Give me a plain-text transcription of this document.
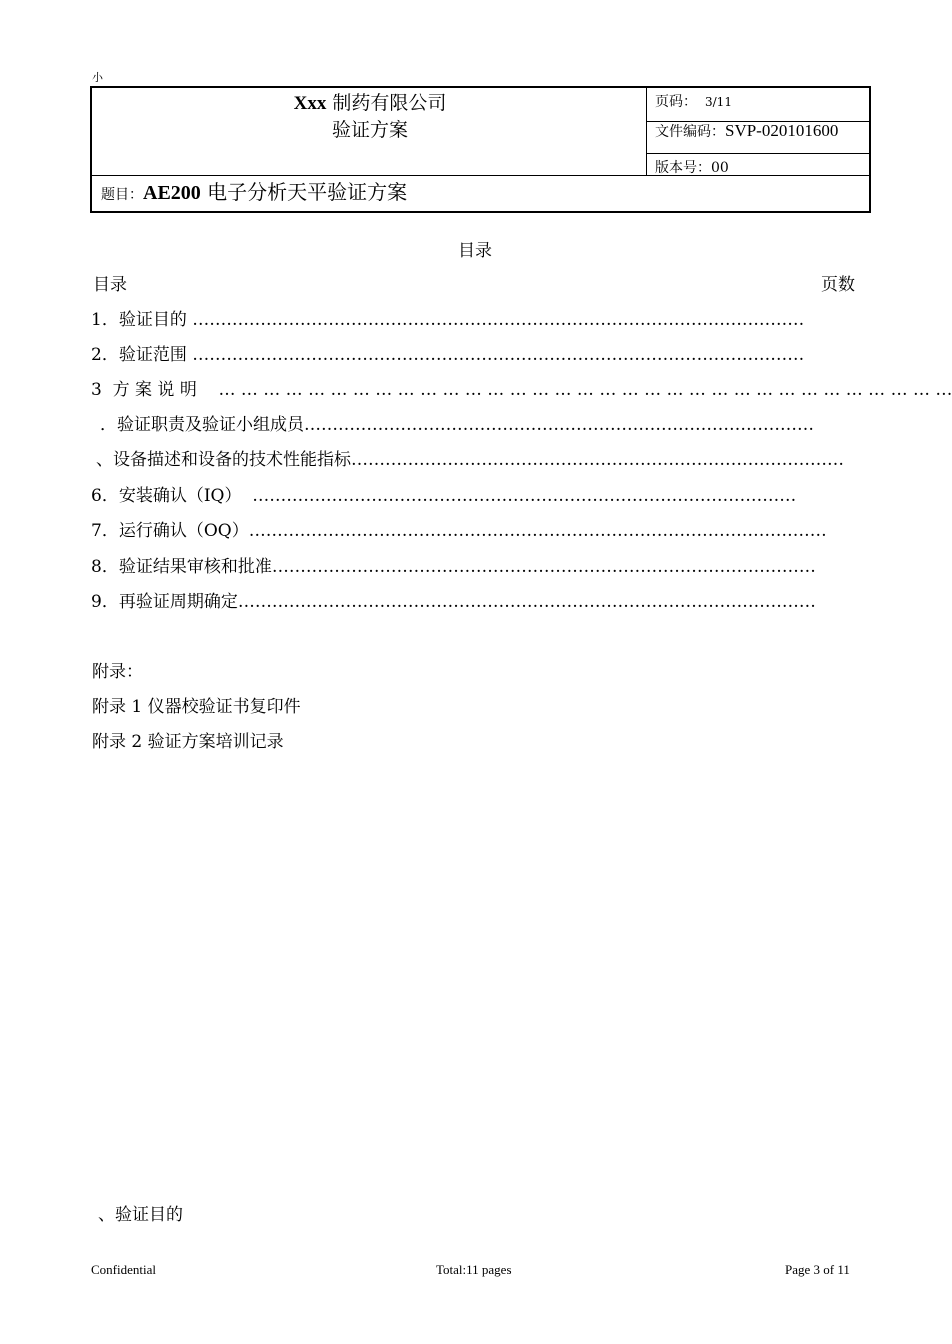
小
Xxx 制药有限公司
验证方案
页码： 3/11
文件编码：SVP-020101600
版本号：00
题目：AE200 电子分析天平验证方案
目录
目录	页数
1．验证目的 ………………………………………………………………………………………………
2．验证范围 ………………………………………………………………………………………………
3  方 案 说 明    … … … … … … … … … … … … … … … … … … … … … … … … … … … … … … … … …
．验证职责及验证小组成员………………………………………………………………………………
、设备描述和设备的技术性能指标……………………………………………………………………………
6．安装确认（IQ）  ……………………………………………………………………………………
7．运行确认（OQ）…………………………………………………………………………………………
8．验证结果审核和批准……………………………………………………………………………………
9．再验证周期确定…………………………………………………………………………………………
附录：
附录 1 仪器校验证书复印件
附录 2 验证方案培训记录
、验证目的
Confidential	Total:11 pages	Page 3 of 11
